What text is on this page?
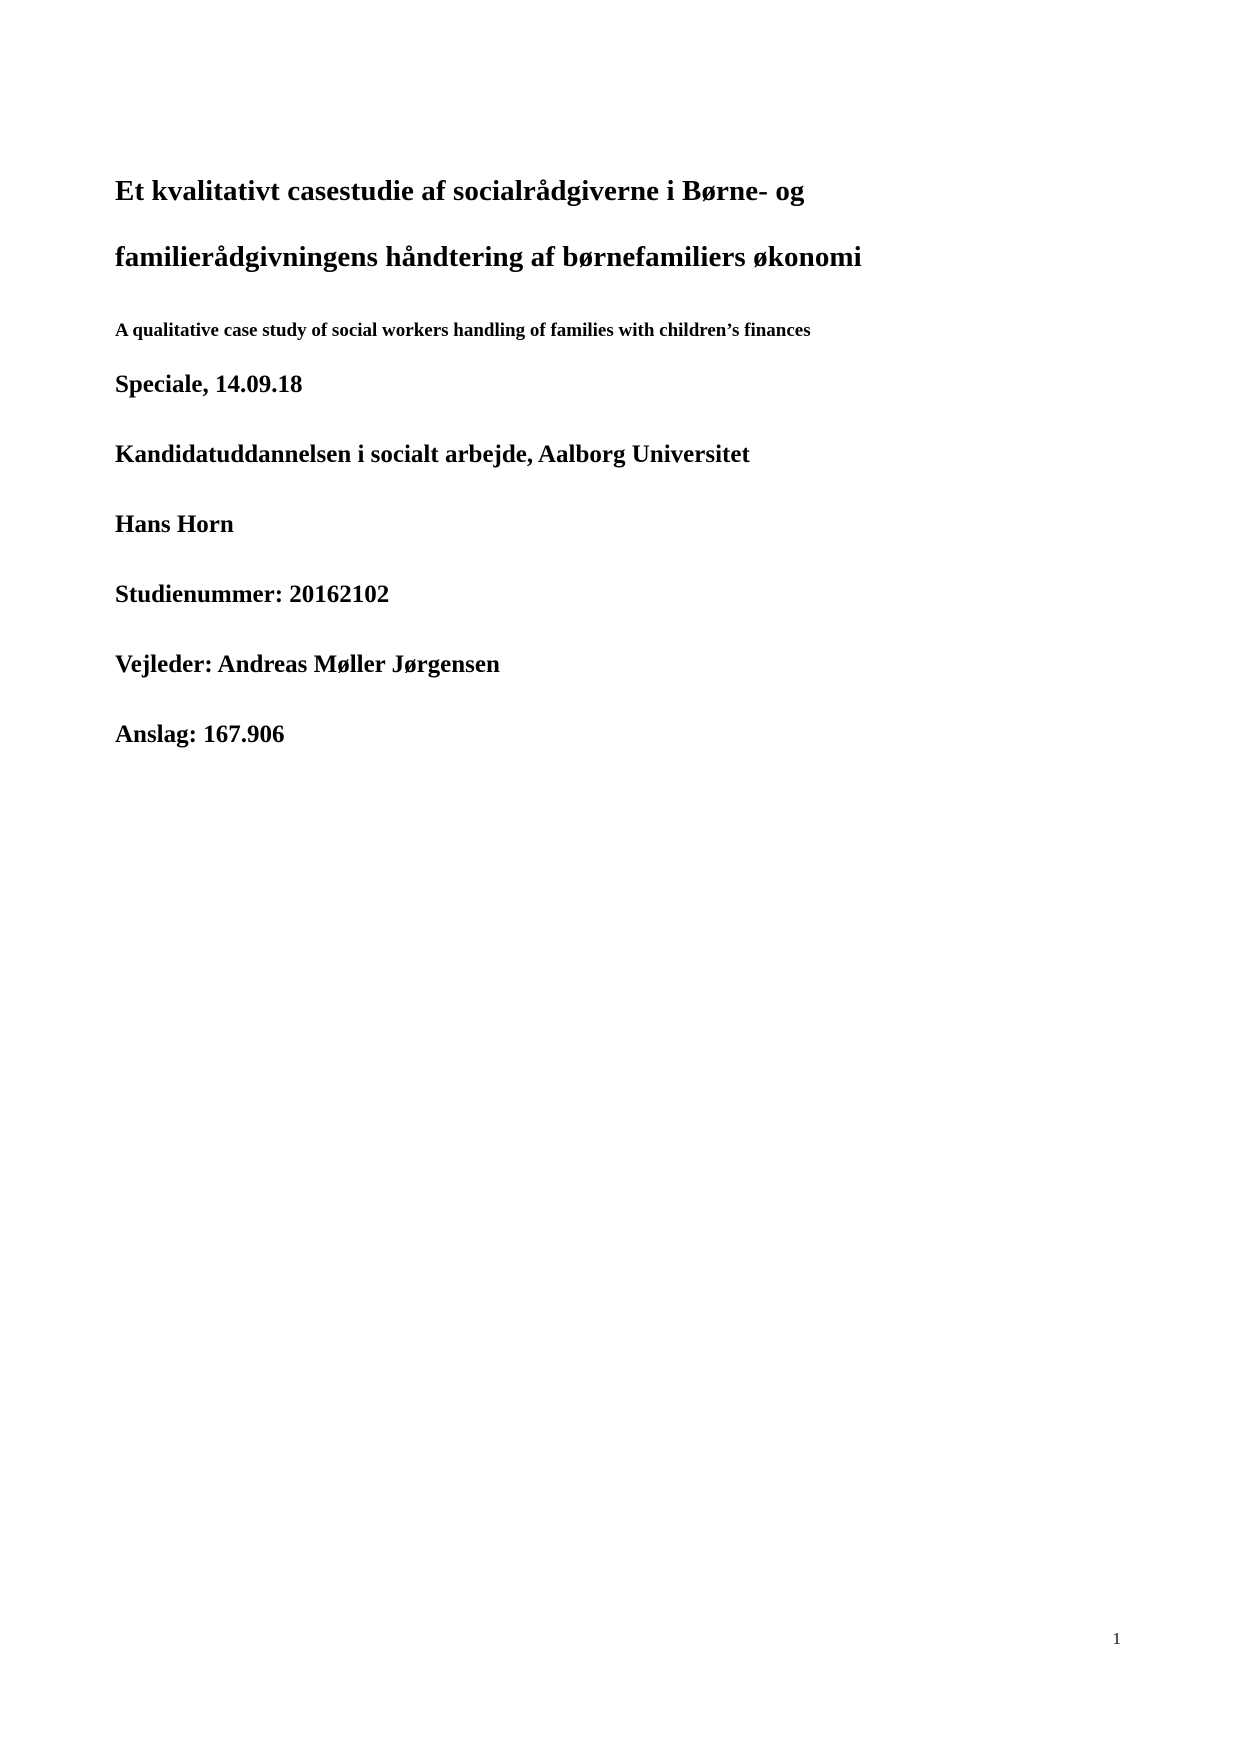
Et kvalitativt casestudie af socialrådgiverne i Børne- og familierådgivningens håndtering af børnefamiliers økonomi

A qualitative case study of social workers handling of families with children’s finances

Speciale, 14.09.18

Kandidatuddannelsen i socialt arbejde, Aalborg Universitet

Hans Horn

Studienummer: 20162102

Vejleder: Andreas Møller Jørgensen

Anslag: 167.906

1
